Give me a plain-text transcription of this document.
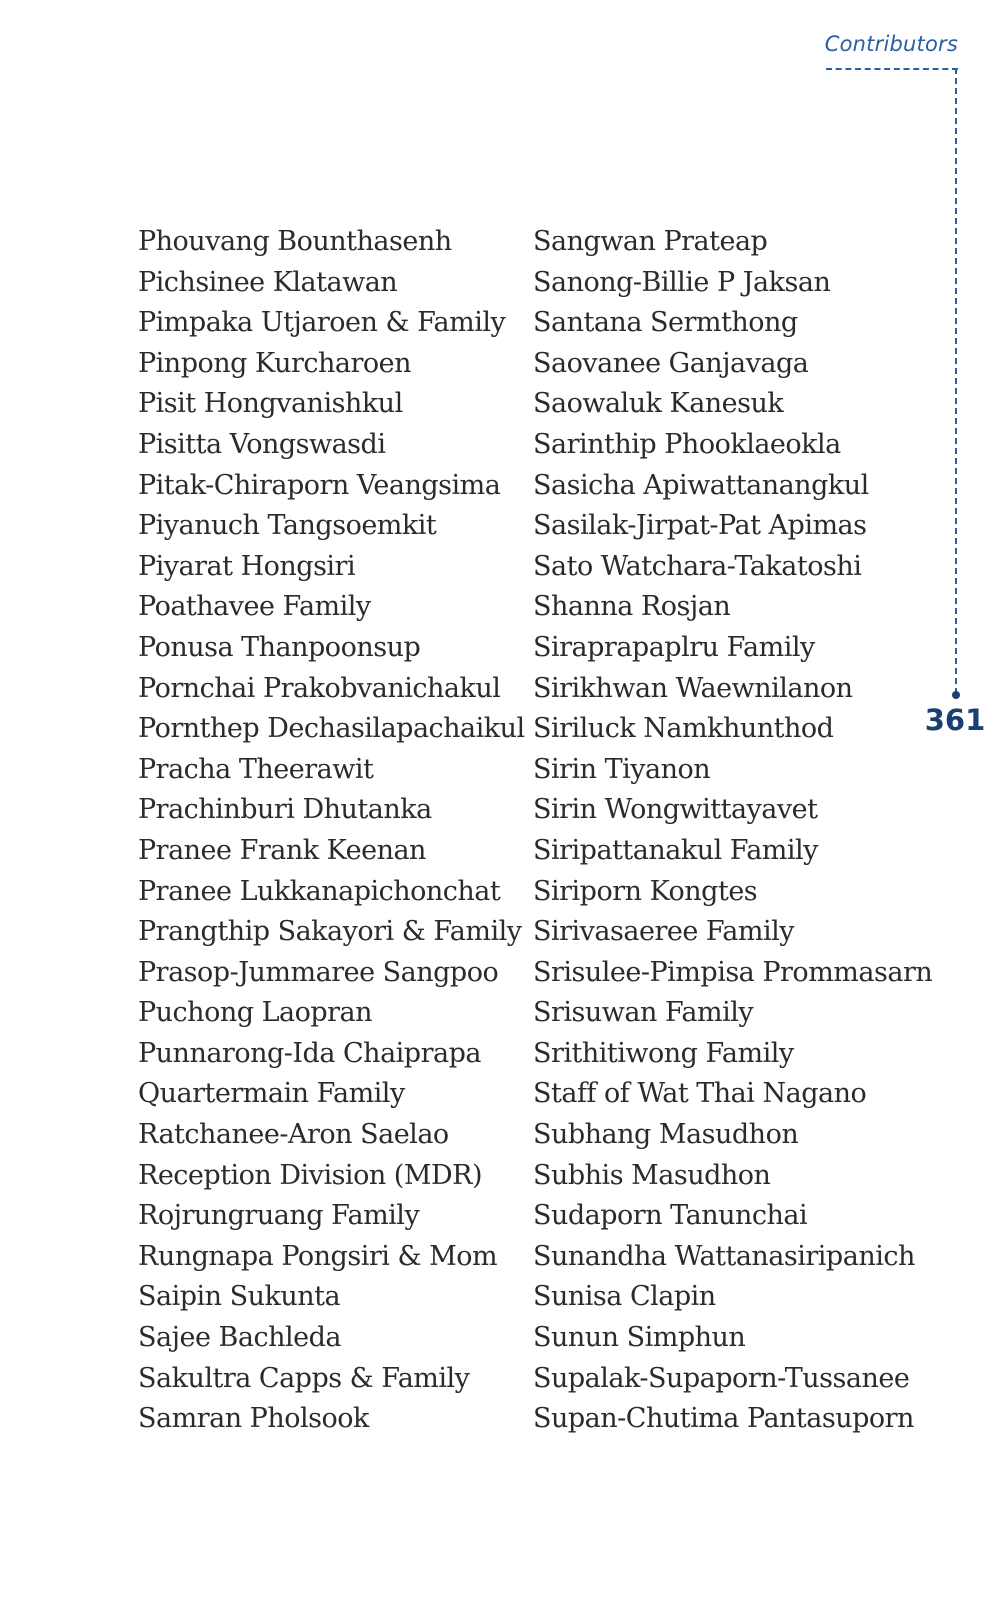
Contributors
361
Phouvang Bounthasenh
Pichsinee Klatawan
Pimpaka Utjaroen & Family
Pinpong Kurcharoen
Pisit Hongvanishkul
Pisitta Vongswasdi
Pitak-Chiraporn Veangsima
Piyanuch Tangsoemkit
Piyarat Hongsiri
Poathavee Family
Ponusa Thanpoonsup
Pornchai Prakobvanichakul
Pornthep Dechasilapachaikul
Pracha Theerawit
Prachinburi Dhutanka
Pranee Frank Keenan
Pranee Lukkanapichonchat
Prangthip Sakayori & Family
Prasop-Jummaree Sangpoo
Puchong Laopran
Punnarong-Ida Chaiprapa
Quartermain Family
Ratchanee-Aron Saelao
Reception Division (MDR)
Rojrungruang Family
Rungnapa Pongsiri & Mom
Saipin Sukunta
Sajee Bachleda
Sakultra Capps & Family
Samran Pholsook
Sangwan Prateap
Sanong-Billie P Jaksan
Santana Sermthong
Saovanee Ganjavaga
Saowaluk Kanesuk
Sarinthip Phooklaeokla
Sasicha Apiwattanangkul
Sasilak-Jirpat-Pat Apimas
Sato Watchara-Takatoshi
Shanna Rosjan
Siraprapaplru Family
Sirikhwan Waewnilanon
Siriluck Namkhunthod
Sirin Tiyanon
Sirin Wongwittayavet
Siripattanakul Family
Siriporn Kongtes
Sirivasaeree Family
Srisulee-Pimpisa Prommasarn
Srisuwan Family
Srithitiwong Family
Staff of Wat Thai Nagano
Subhang Masudhon
Subhis Masudhon
Sudaporn Tanunchai
Sunandha Wattanasiripanich
Sunisa Clapin
Sunun Simphun
Supalak-Supaporn-Tussanee
Supan-Chutima Pantasuporn
